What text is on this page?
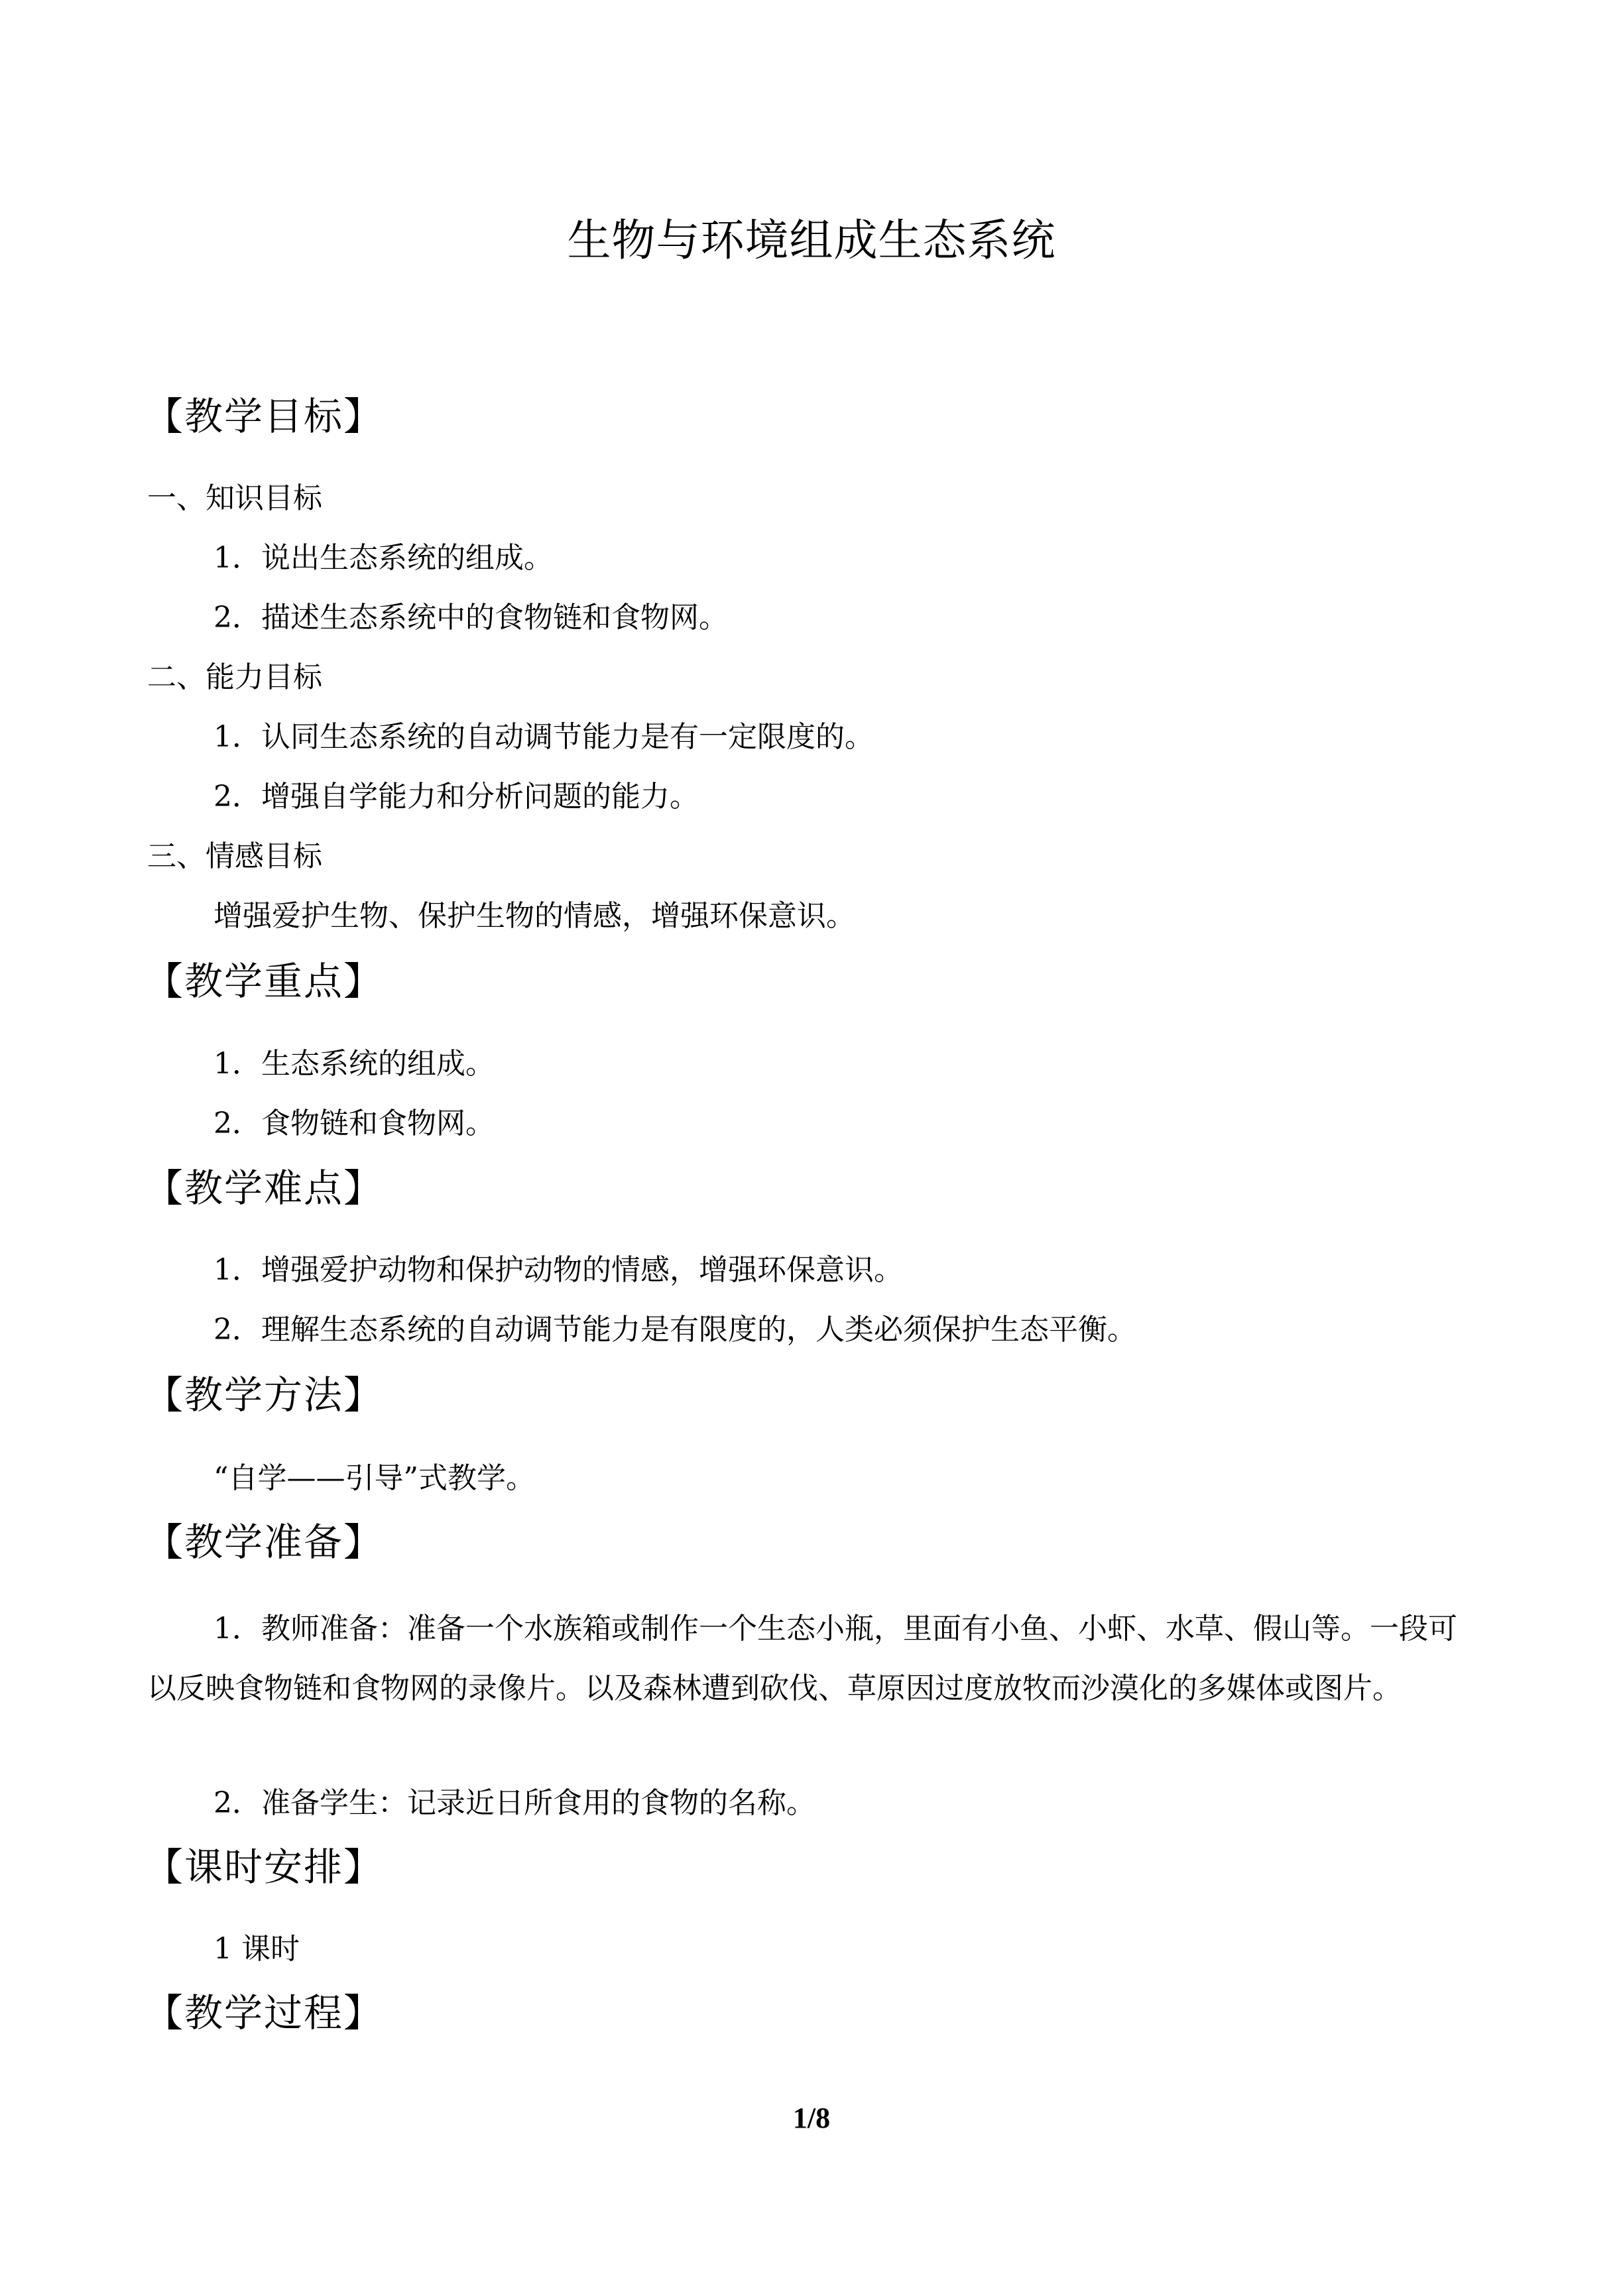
生物与环境组成生态系统
【教学目标】
一、知识目标
1．说出生态系统的组成。
2．描述生态系统中的食物链和食物网。
二、能力目标
1．认同生态系统的自动调节能力是有一定限度的。
2．增强自学能力和分析问题的能力。
三、情感目标
增强爱护生物、保护生物的情感，增强环保意识。
【教学重点】
1．生态系统的组成。
2．食物链和食物网。
【教学难点】
1．增强爱护动物和保护动物的情感，增强环保意识。
2．理解生态系统的自动调节能力是有限度的，人类必须保护生态平衡。
【教学方法】
“自学——引导”式教学。
【教学准备】
1．教师准备：准备一个水族箱或制作一个生态小瓶，里面有小鱼、小虾、水草、假山等。一段可以反映食物链和食物网的录像片。以及森林遭到砍伐、草原因过度放牧而沙漠化的多媒体或图片。
2．准备学生：记录近日所食用的食物的名称。
【课时安排】
1 课时
【教学过程】
1/8
